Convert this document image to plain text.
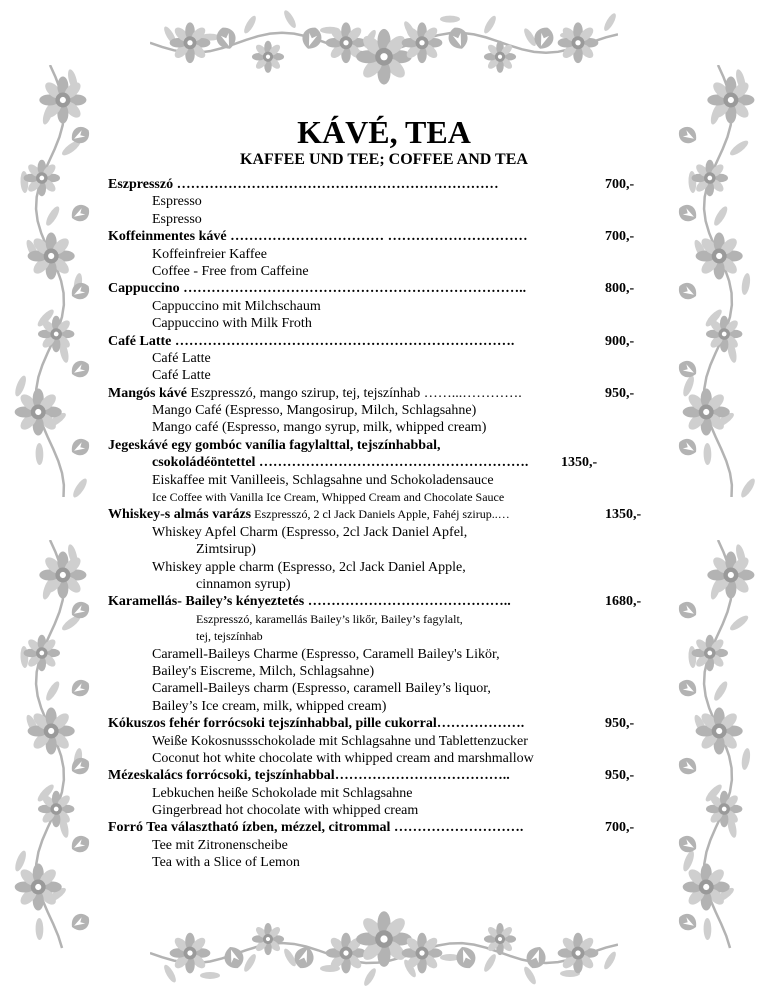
KÁVÉ, TEA
KAFFEE UND TEE; COFFEE AND TEA
Eszpresszó ……………………………………………………………	700,-
Espresso
Espresso
Koffeinmentes kávé …………………………… …………………………	700,-
Koffeinfreier Kaffee
Coffee - Free from Caffeine
Cappuccino ………………………………………………………………..	800,-
Cappuccino mit Milchschaum
Cappuccino with Milk Froth
Café Latte ……………………………………………………………….	900,-
Café Latte
Café Latte
Mangós kávé Eszpresszó, mango szirup, tej, tejszínhab ……...………….	950,-
Mango Café (Espresso, Mangosirup, Milch, Schlagsahne)
Mango café (Espresso, mango syrup, milk, whipped cream)
Jegeskávé egy gombóc vanília fagylalttal, tejszínhabbal,
csokoládéöntettel …………………………………………………. 1350,-
Eiskaffee mit Vanilleeis, Schlagsahne und Schokoladensauce
Ice Coffee with Vanilla Ice Cream, Whipped Cream and Chocolate Sauce
Whiskey-s almás varázs Eszpresszó, 2 cl Jack Daniels Apple, Fahéj szirup..…	1350,-
Whiskey Apfel Charm (Espresso, 2cl Jack Daniel Apfel,
Zimtsirup)
Whiskey apple charm (Espresso, 2cl Jack Daniel Apple,
cinnamon syrup)
Karamellás- Bailey’s kényeztetés ……………………………………..	1680,-
Eszpresszó, karamellás Bailey’s likőr, Bailey’s fagylalt,
tej, tejszínhab
Caramell-Baileys Charme (Espresso, Caramell Bailey's Likör,
Bailey's Eiscreme, Milch, Schlagsahne)
Caramell-Baileys charm (Espresso, caramell Bailey’s liquor,
Bailey’s Ice cream, milk, whipped cream)
Kókuszos fehér forrócsoki tejszínhabbal, pille cukorral……………….	950,-
Weiße Kokosnussschokolade mit Schlagsahne und Tablettenzucker
Coconut hot white chocolate with whipped cream and marshmallow
Mézeskalács forrócsoki, tejszínhabbal………………………………..	950,-
Lebkuchen heiße Schokolade mit Schlagsahne
Gingerbread hot chocolate with whipped cream
Forró Tea választható ízben, mézzel, citrommal ……………………….	700,-
Tee mit Zitronenscheibe
Tea with a Slice of Lemon
